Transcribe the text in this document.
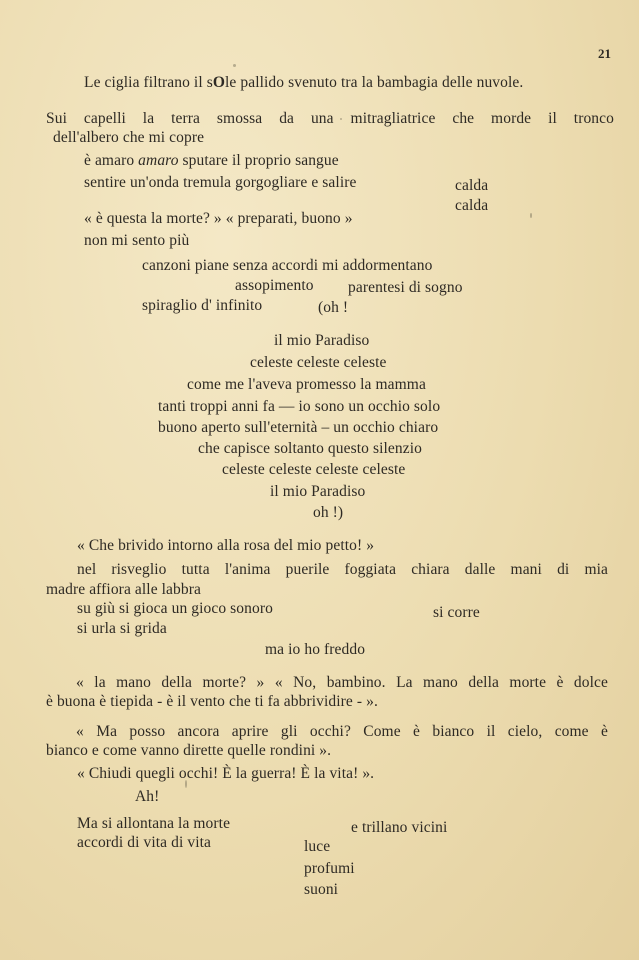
21
Le ciglia filtrano il sOle pallido svenuto tra la bambagia delle nuvole.
Sui capelli la terra smossa da una mitragliatrice che morde il tronco
dell'albero che mi copre
è amaro amaro sputare il proprio sangue
sentire un'onda tremula gorgogliare e salire	calda
calda
« è questa la morte? » « preparati, buono »
non mi sento più
canzoni piane senza accordi mi addormentano
assopimento parentesi di sogno
spiraglio d' infinito	(oh !
il mio Paradiso
celeste celeste celeste
come me l'aveva promesso la mamma
tanti troppi anni fa — io sono un occhio solo
buono aperto sull'eternità – un occhio chiaro
che capisce soltanto questo silenzio
celeste celeste celeste celeste
il mio Paradiso
oh !)
« Che brivido intorno alla rosa del mio petto! »
nel risveglio tutta l'anima puerile foggiata chiara dalle mani di mia
madre affiora alle labbra
su giù si gioca un gioco sonoro	si corre
si urla si grida
ma io ho freddo
« la mano della morte? » « No, bambino. La mano della morte è dolce
è buona è tiepida - è il vento che ti fa abbrividire - ».
« Ma posso ancora aprire gli occhi? Come è bianco il cielo, come è
bianco e come vanno dirette quelle rondini ».
« Chiudi quegli occhi! È la guerra! È la vita! ».
Ah!
Ma si allontana la morte	e trillano vicini
accordi di vita di vita	luce
profumi
suoni
